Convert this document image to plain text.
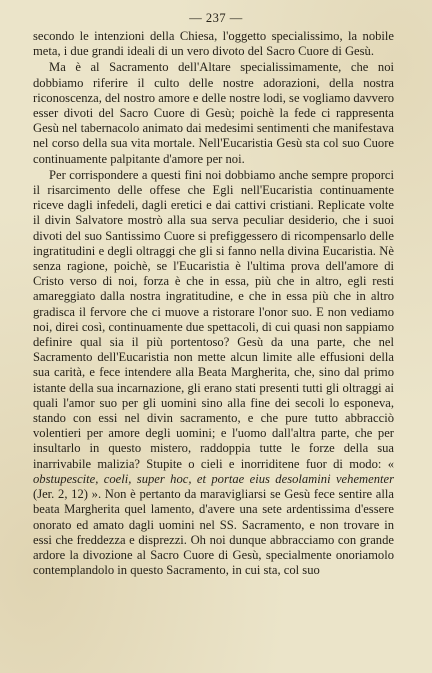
— 237 —

secondo le intenzioni della Chiesa, l'oggetto specialissimo, la nobile meta, i due grandi ideali di un vero divoto del Sacro Cuore di Gesù.

Ma è al Sacramento dell'Altare specialissimamente, che noi dobbiamo riferire il culto delle nostre adorazioni, della nostra riconoscenza, del nostro amore e delle nostre lodi, se vogliamo davvero esser divoti del Sacro Cuore di Gesù; poichè la fede ci rappresenta Gesù nel tabernacolo animato dai medesimi sentimenti che manifestava nel corso della sua vita mortale. Nell'Eucaristia Gesù sta col suo Cuore continuamente palpitante d'amore per noi.

Per corrispondere a questi fini noi dobbiamo anche sempre proporci il risarcimento delle offese che Egli nell'Eucaristia continuamente riceve dagli infedeli, dagli eretici e dai cattivi cristiani. Replicate volte il divin Salvatore mostrò alla sua serva peculiar desiderio, che i suoi divoti del suo Santissimo Cuore si prefiggessero di ricompensarlo delle ingratitudini e degli oltraggi che gli si fanno nella divina Eucaristia. Nè senza ragione, poichè, se l'Eucaristia è l'ultima prova dell'amore di Cristo verso di noi, forza è che in essa, più che in altro, egli resti amareggiato dalla nostra ingratitudine, e che in essa più che in altro gradisca il fervore che ci muove a ristorare l'onor suo. E non vediamo noi, direi così, continuamente due spettacoli, di cui quasi non sappiamo definire qual sia il più portentoso? Gesù da una parte, che nel Sacramento dell'Eucaristia non mette alcun limite alle effusioni della sua carità, e fece intendere alla Beata Margherita, che, sino dal primo istante della sua incarnazione, gli erano stati presenti tutti gli oltraggi ai quali l'amor suo per gli uomini sino alla fine dei secoli lo esponeva, stando con essi nel divin sacramento, e che pure tutto abbracciò volentieri per amore degli uomini; e l'uomo dall'altra parte, che per insultarlo in questo mistero, raddoppia tutte le forze della sua inarrivabile malizia? Stupite o cieli e inorriditene fuor di modo: « obstupescite, coeli, super hoc, et portae eius desolamini vehementer (Jer. 2, 12) ». Non è pertanto da maravigliarsi se Gesù fece sentire alla beata Margherita quel lamento, d'avere una sete ardentissima d'essere onorato ed amato dagli uomini nel SS. Sacramento, e non trovare in essi che freddezza e disprezzi. Oh noi dunque abbracciamo con grande ardore la divozione al Sacro Cuore di Gesù, specialmente onoriamolo contemplandolo in questo Sacramento, in cui sta, col suo
